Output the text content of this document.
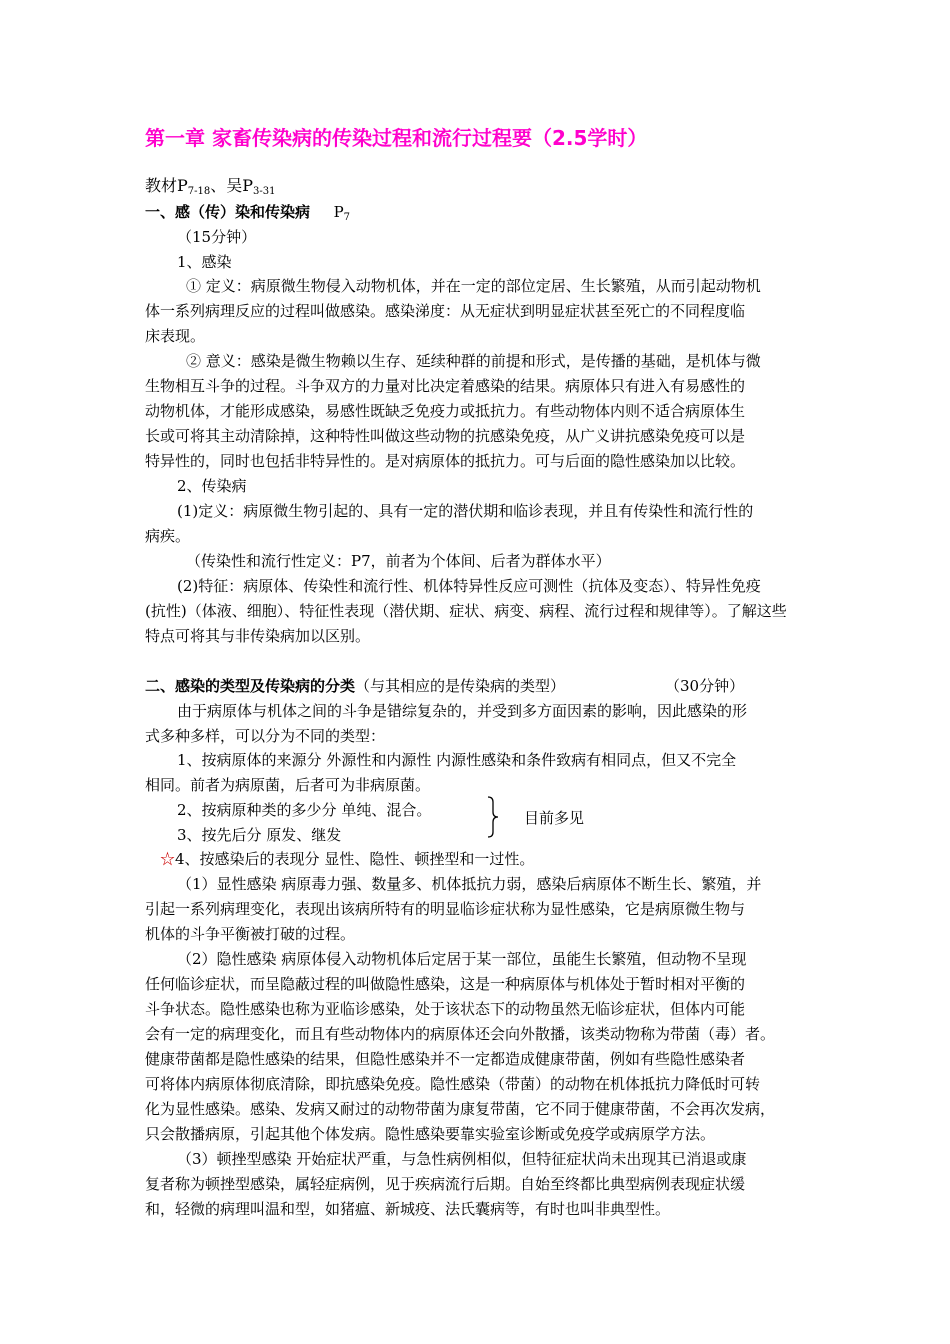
第一章 家畜传染病的传染过程和流行过程要（2.5学时）
教材$P_{7-18}$、吴$P_{3-31}$
一、感（传）染和传染病 $P_7$
（15分钟）
1、感染
① 定义：病原微生物侵入动物机体，并在一定的部位定居、生长繁殖，从而引起动物机
体一系列病理反应的过程叫做感染。感染涕度：从无症状到明显症状甚至死亡的不同程度临
床表现。
② 意义：感染是微生物赖以生存、延续种群的前提和形式，是传播的基础，是机体与微
生物相互斗争的过程。斗争双方的力量对比决定着感染的结果。病原体只有进入有易感性的
动物机体，才能形成感染，易感性既缺乏免疫力或抵抗力。有些动物体内则不适合病原体生
长或可将其主动清除掉，这种特性叫做这些动物的抗感染免疫，从广义讲抗感染免疫可以是
特异性的，同时也包括非特异性的。是对病原体的抵抗力。可与后面的隐性感染加以比较。
2、传染病
(1)定义：病原微生物引起的、具有一定的潜伏期和临诊表现，并且有传染性和流行性的
病疾。
（传染性和流行性定义：P7，前者为个体间、后者为群体水平）
(2)特征：病原体、传染性和流行性、机体特异性反应可测性（抗体及变态）、特异性免疫
(抗性)（体液、细胞）、特征性表现（潜伏期、症状、病变、病程、流行过程和规律等）。了解这些
特点可将其与非传染病加以区别。
二、感染的类型及传染病的分类（与其相应的是传染病的类型）	（30分钟）
由于病原体与机体之间的斗争是错综复杂的，并受到多方面因素的影响，因此感染的形
式多种多样，可以分为不同的类型：
1、按病原体的来源分 外源性和内源性 内源性感染和条件致病有相同点，但又不完全
相同。前者为病原菌，后者可为非病原菌。
2、按病原种类的多少分 单纯、混合。	目前多见
3、按先后分 原发、继发
☆4、按感染后的表现分 显性、隐性、顿挫型和一过性。
（1）显性感染 病原毒力强、数量多、机体抵抗力弱，感染后病原体不断生长、繁殖，并
引起一系列病理变化，表现出该病所特有的明显临诊症状称为显性感染，它是病原微生物与
机体的斗争平衡被打破的过程。
（2）隐性感染 病原体侵入动物机体后定居于某一部位，虽能生长繁殖，但动物不呈现
任何临诊症状，而呈隐蔽过程的叫做隐性感染，这是一种病原体与机体处于暂时相对平衡的
斗争状态。隐性感染也称为亚临诊感染，处于该状态下的动物虽然无临诊症状，但体内可能
会有一定的病理变化，而且有些动物体内的病原体还会向外散播，该类动物称为带菌（毒）者。
健康带菌都是隐性感染的结果，但隐性感染并不一定都造成健康带菌，例如有些隐性感染者
可将体内病原体彻底清除，即抗感染免疫。隐性感染（带菌）的动物在机体抵抗力降低时可转
化为显性感染。感染、发病又耐过的动物带菌为康复带菌，它不同于健康带菌，不会再次发病，
只会散播病原，引起其他个体发病。隐性感染要靠实验室诊断或免疫学或病原学方法。
（3）顿挫型感染 开始症状严重，与急性病例相似，但特征症状尚未出现其已消退或康
复者称为顿挫型感染，属轻症病例，见于疾病流行后期。自始至终都比典型病例表现症状缓
和，轻微的病理叫温和型，如猪瘟、新城疫、法氏囊病等，有时也叫非典型性。
